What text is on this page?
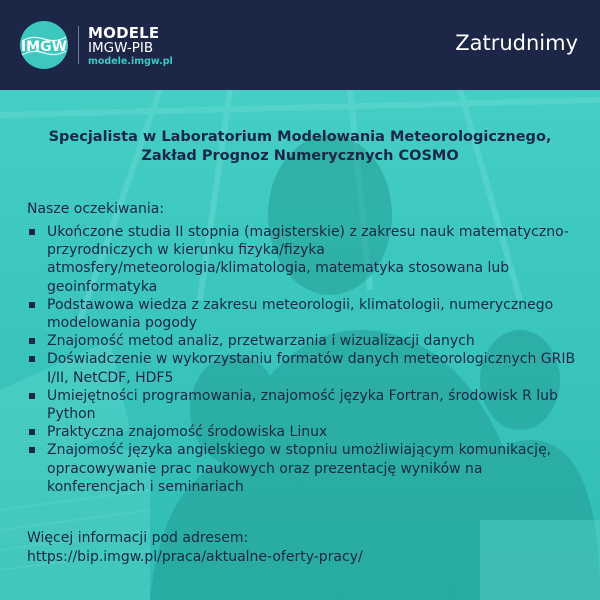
IMGW
MODELE
IMGW-PIB
modele.imgw.pl
Zatrudnimy
Specjalista w Laboratorium Modelowania Meteorologicznego,
Zakład Prognoz Numerycznych COSMO
Nasze oczekiwania:
Ukończone studia II stopnia (magisterskie) z zakresu nauk matematyczno-przyrodniczych w kierunku fizyka/fizyka atmosfery/meteorologia/klimatologia, matematyka stosowana lub geoinformatyka
Podstawowa wiedza z zakresu meteorologii, klimatologii, numerycznego modelowania pogody
Znajomość metod analiz, przetwarzania i wizualizacji danych
Doświadczenie w wykorzystaniu formatów danych meteorologicznych GRIB I/II, NetCDF, HDF5
Umiejętności programowania, znajomość języka Fortran, środowisk R lub Python
Praktyczna znajomość środowiska Linux
Znajomość języka angielskiego w stopniu umożliwiającym komunikację, opracowywanie prac naukowych oraz prezentację wyników na konferencjach i seminariach
Więcej informacji pod adresem:
https://bip.imgw.pl/praca/aktualne-oferty-pracy/
